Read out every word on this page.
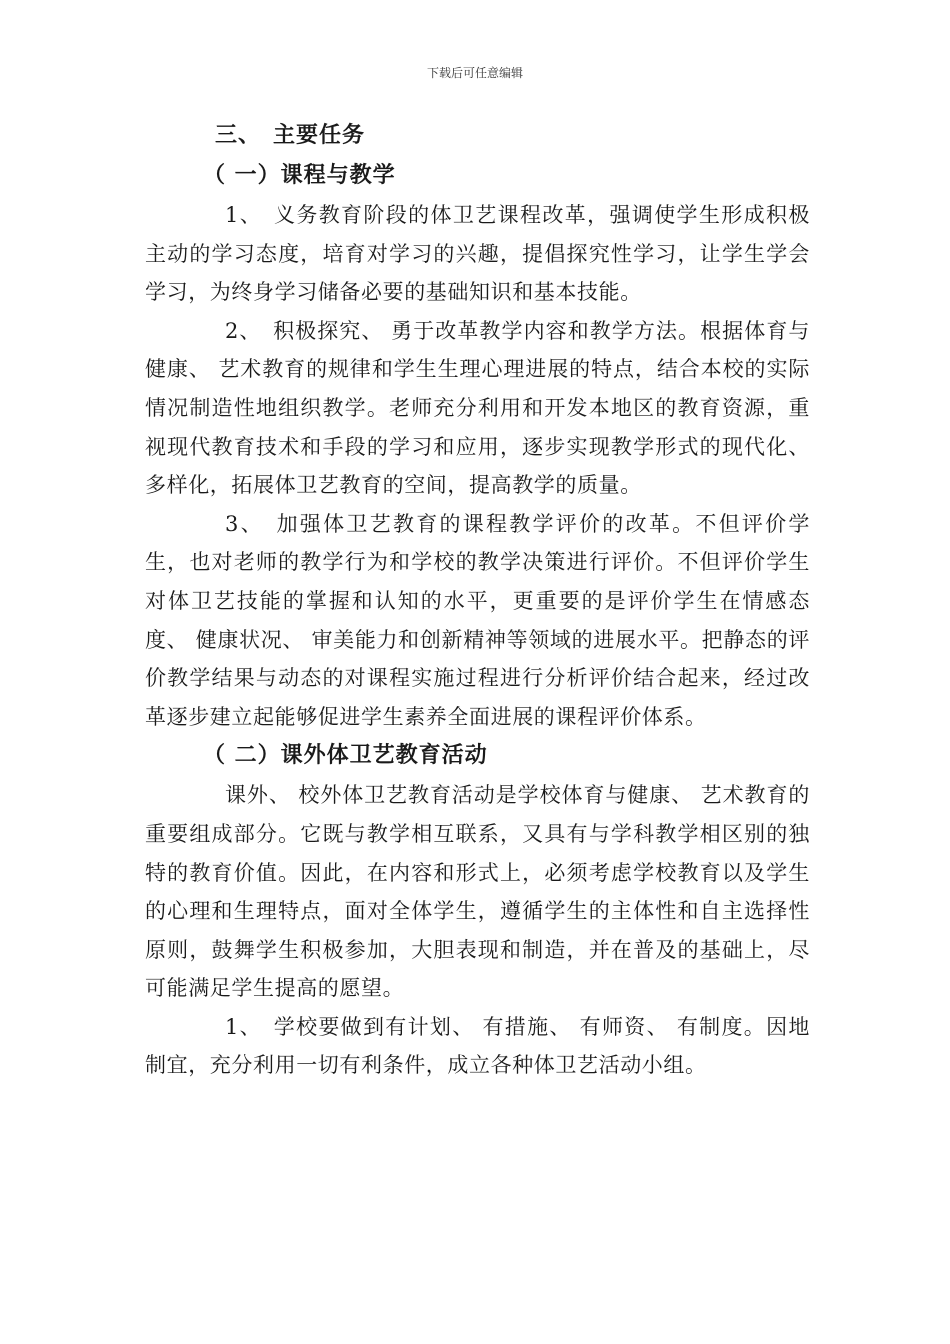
下载后可任意编辑
三、　主要任务
（ 一）课程与教学

1、　义务教育阶段的体卫艺课程改革，强调使学生形成积极主动的学习态度，培育对学习的兴趣，提倡探究性学习，让学生学会学习，为终身学习储备必要的基础知识和基本技能。

2、　积极探究、 勇于改革教学内容和教学方法。根据体育与健康、 艺术教育的规律和学生生理心理进展的特点，结合本校的实际情况制造性地组织教学。老师充分利用和开发本地区的教育资源，重视现代教育技术和手段的学习和应用，逐步实现教学形式的现代化、 多样化，拓展体卫艺教育的空间，提高教学的质量。

3、　加强体卫艺教育的课程教学评价的改革。不但评价学生，也对老师的教学行为和学校的教学决策进行评价。不但评价学生对体卫艺技能的掌握和认知的水平，更重要的是评价学生在情感态度、 健康状况、 审美能力和创新精神等领域的进展水平。把静态的评价教学结果与动态的对课程实施过程进行分析评价结合起来，经过改革逐步建立起能够促进学生素养全面进展的课程评价体系。

（ 二）课外体卫艺教育活动

课外、 校外体卫艺教育活动是学校体育与健康、 艺术教育的重要组成部分。它既与教学相互联系，又具有与学科教学相区别的独特的教育价值。因此，在内容和形式上，必须考虑学校教育以及学生的心理和生理特点，面对全体学生，遵循学生的主体性和自主选择性原则，鼓舞学生积极参加，大胆表现和制造，并在普及的基础上，尽可能满足学生提高的愿望。

1、　学校要做到有计划、 有措施、 有师资、 有制度。因地制宜，充分利用一切有利条件，成立各种体卫艺活动小组。
